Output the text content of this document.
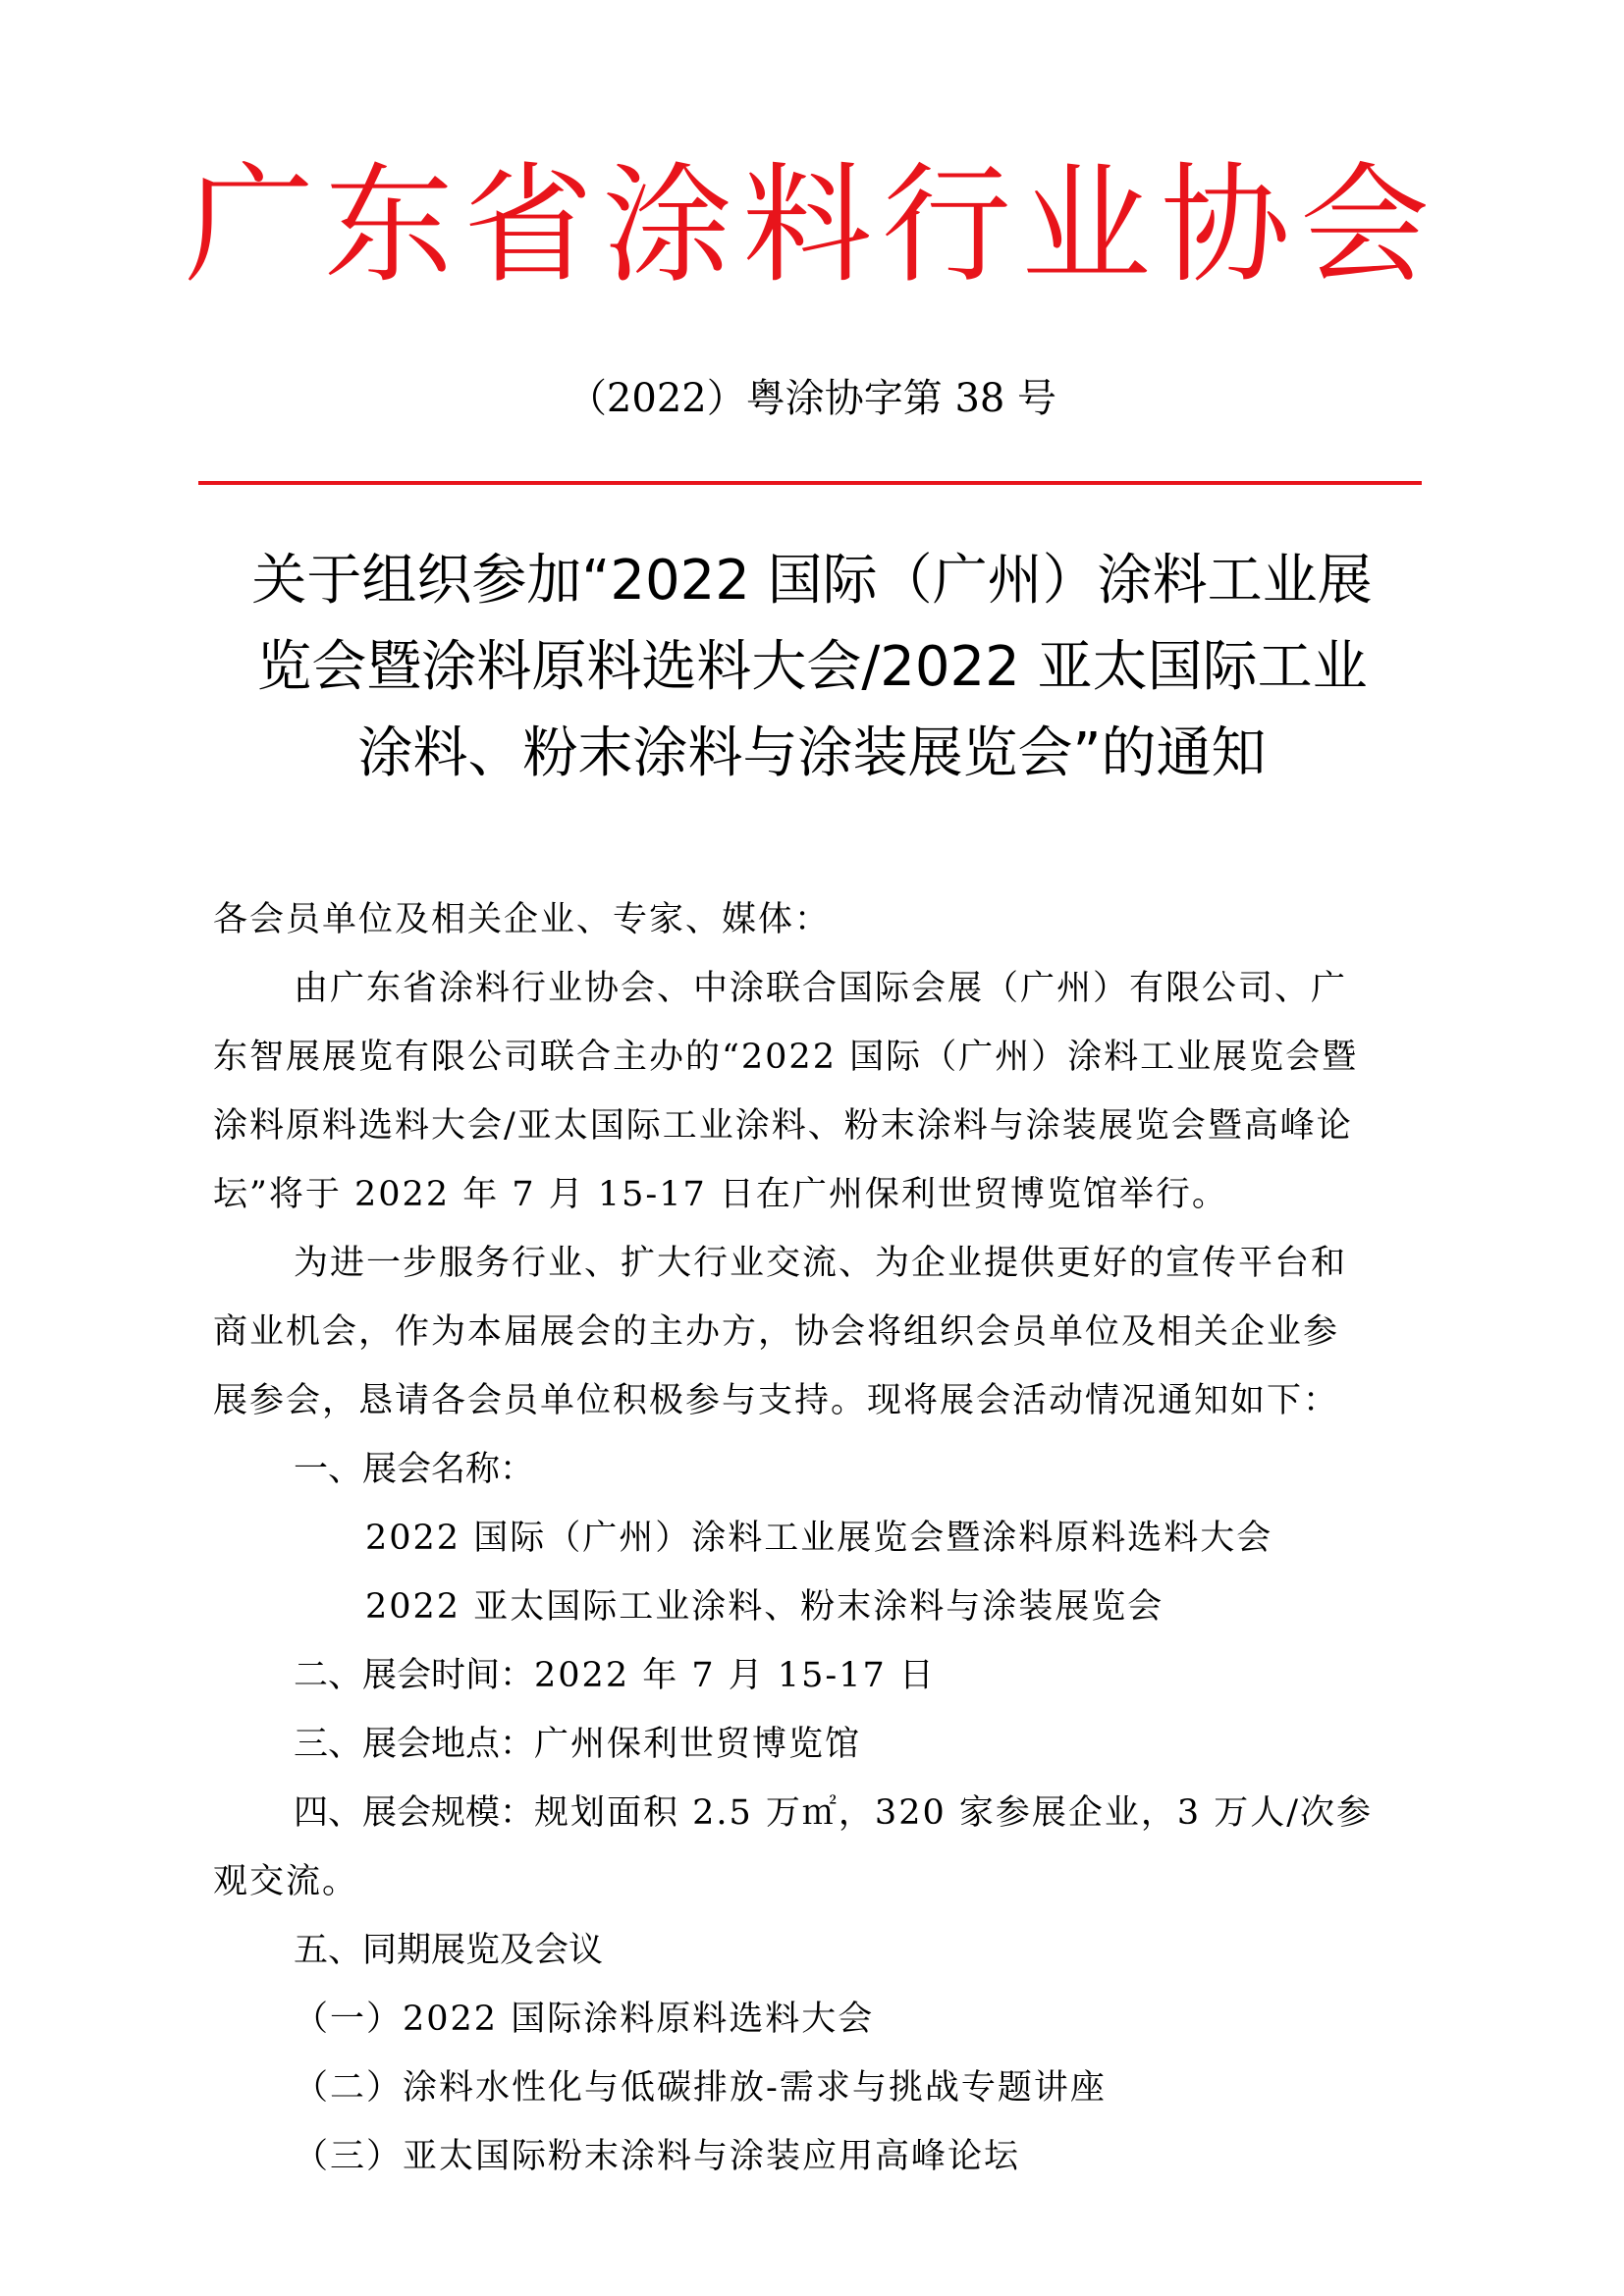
广东省涂料行业协会
（2022）粤涂协字第 38 号
关于组织参加“2022 国际（广州）涂料工业展
览会暨涂料原料选料大会/2022 亚太国际工业
涂料、粉末涂料与涂装展览会”的通知

各会员单位及相关企业、专家、媒体：

由广东省涂料行业协会、中涂联合国际会展（广州）有限公司、广
东智展展览有限公司联合主办的“2022 国际（广州）涂料工业展览会暨
涂料原料选料大会/亚太国际工业涂料、粉末涂料与涂装展览会暨高峰论
坛”将于 2022 年 7 月 15-17 日在广州保利世贸博览馆举行。

为进一步服务行业、扩大行业交流、为企业提供更好的宣传平台和
商业机会，作为本届展会的主办方，协会将组织会员单位及相关企业参
展参会，恳请各会员单位积极参与支持。现将展会活动情况通知如下：

一、展会名称：
2022 国际（广州）涂料工业展览会暨涂料原料选料大会
2022 亚太国际工业涂料、粉末涂料与涂装展览会
二、展会时间：2022 年 7 月 15-17 日
三、展会地点：广州保利世贸博览馆
四、展会规模：规划面积 2.5 万㎡，320 家参展企业，3 万人/次参
观交流。
五、同期展览及会议
（一）2022 国际涂料原料选料大会
（二）涂料水性化与低碳排放-需求与挑战专题讲座
（三）亚太国际粉末涂料与涂装应用高峰论坛
